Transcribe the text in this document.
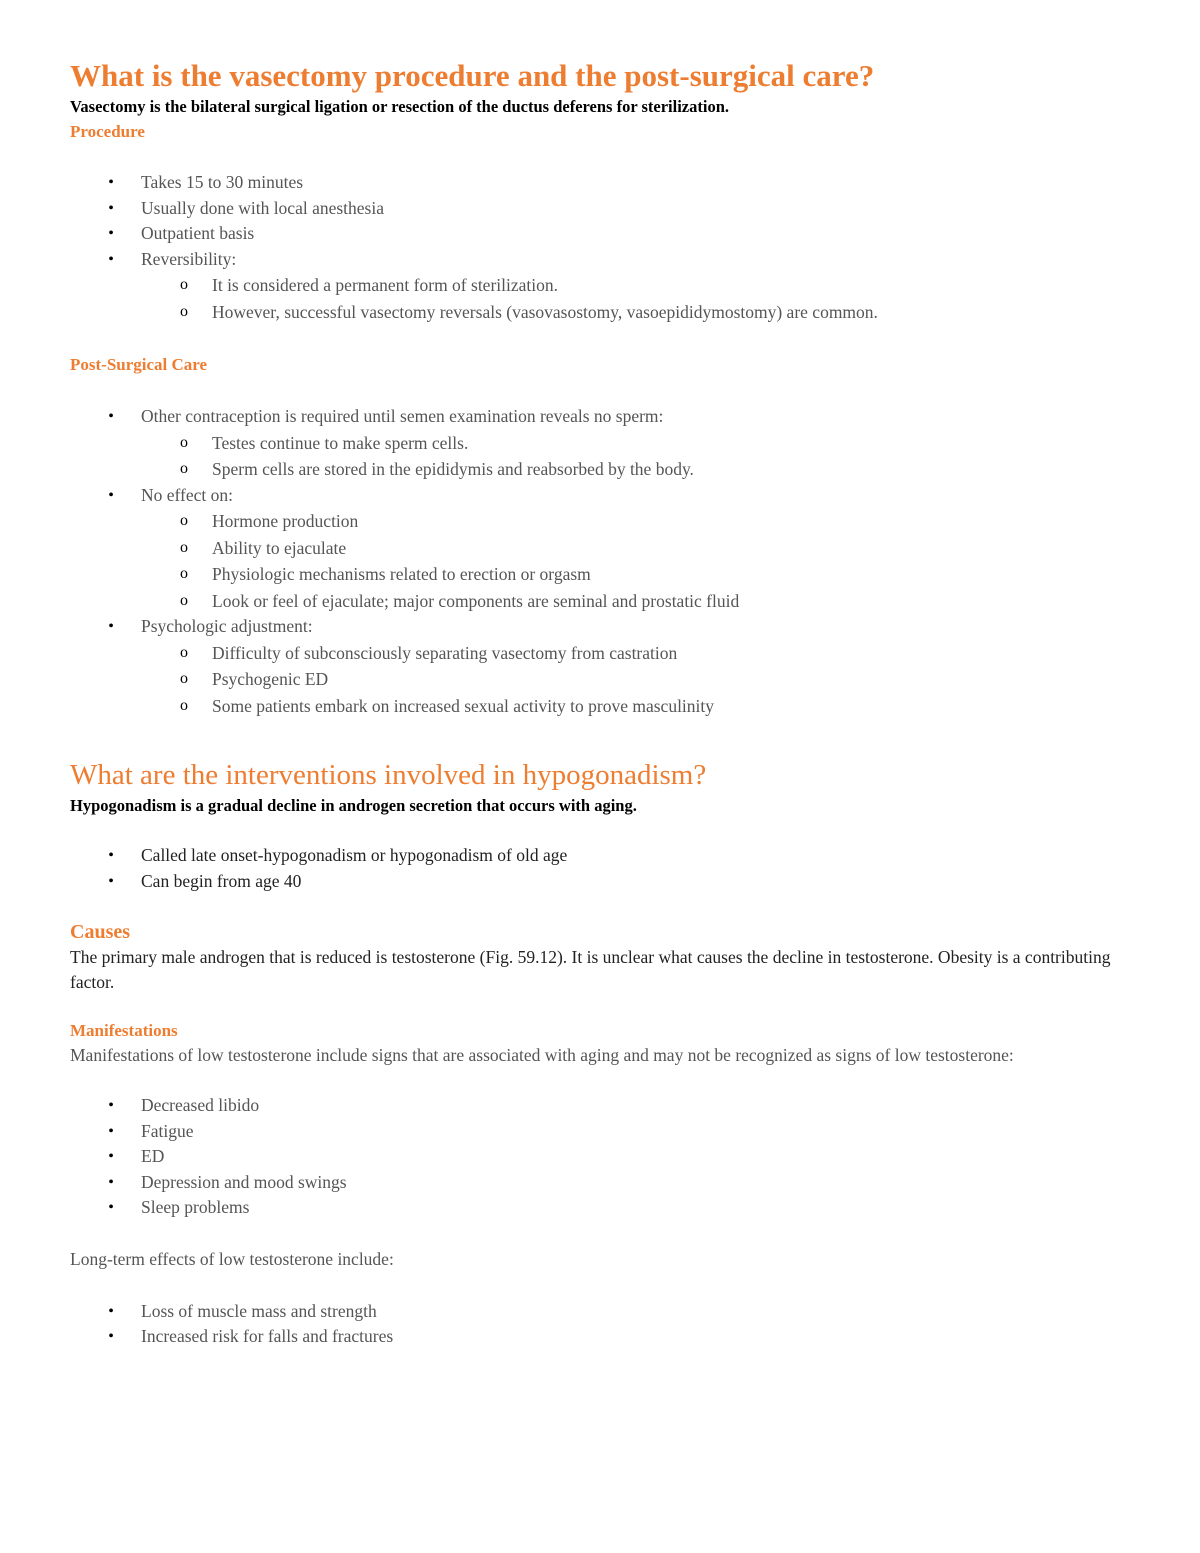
What is the vasectomy procedure and the post-surgical care?

Vasectomy is the bilateral surgical ligation or resection of the ductus deferens for sterilization.

Procedure

• Takes 15 to 30 minutes
• Usually done with local anesthesia
• Outpatient basis
• Reversibility:
o It is considered a permanent form of sterilization.
o However, successful vasectomy reversals (vasovasostomy, vasoepididymostomy) are common.

Post-Surgical Care

• Other contraception is required until semen examination reveals no sperm:
o Testes continue to make sperm cells.
o Sperm cells are stored in the epididymis and reabsorbed by the body.
• No effect on:
o Hormone production
o Ability to ejaculate
o Physiologic mechanisms related to erection or orgasm
o Look or feel of ejaculate; major components are seminal and prostatic fluid
• Psychologic adjustment:
o Difficulty of subconsciously separating vasectomy from castration
o Psychogenic ED
o Some patients embark on increased sexual activity to prove masculinity
What are the interventions involved in hypogonadism?

Hypogonadism is a gradual decline in androgen secretion that occurs with aging.

• Called late onset-hypogonadism or hypogonadism of old age
• Can begin from age 40

Causes

The primary male androgen that is reduced is testosterone (Fig. 59.12). It is unclear what causes the decline in testosterone. Obesity is a contributing factor.

Manifestations

Manifestations of low testosterone include signs that are associated with aging and may not be recognized as signs of low testosterone:

• Decreased libido
• Fatigue
• ED
• Depression and mood swings
• Sleep problems

Long-term effects of low testosterone include:

• Loss of muscle mass and strength
• Increased risk for falls and fractures
